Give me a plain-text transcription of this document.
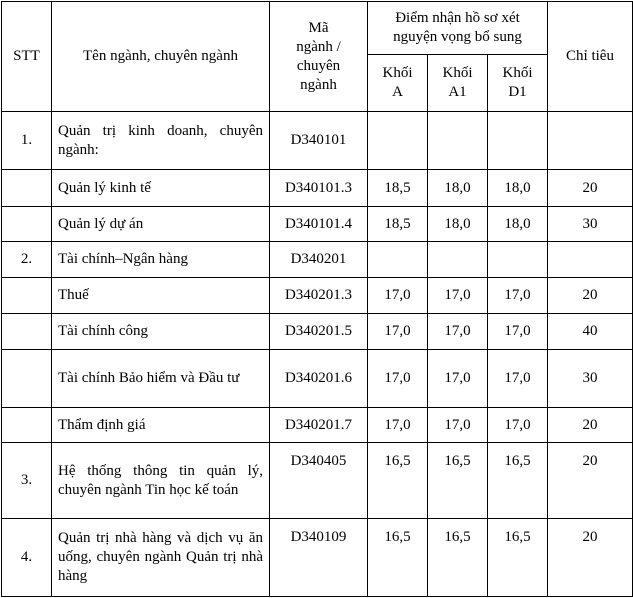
STT	Tên ngành, chuyên ngành	Mã ngành / chuyên ngành	Điểm nhận hồ sơ xét nguyện vọng bổ sung			Chỉ tiêu
			Khối A	Khối A1	Khối D1	
1.	Quản trị kinh doanh, chuyên ngành:	D340101				
	Quản lý kinh tế	D340101.3	18,5	18,0	18,0	20
	Quản lý dự án	D340101.4	18,5	18,0	18,0	30
2.	Tài chính–Ngân hàng	D340201				
	Thuế	D340201.3	17,0	17,0	17,0	20
	Tài chính công	D340201.5	17,0	17,0	17,0	40
	Tài chính Bảo hiểm và Đầu tư	D340201.6	17,0	17,0	17,0	30
	Thẩm định giá	D340201.7	17,0	17,0	17,0	20
3.	Hệ thống thông tin quản lý, chuyên ngành Tin học kế toán	D340405	16,5	16,5	16,5	20
4.	Quản trị nhà hàng và dịch vụ ăn uống, chuyên ngành Quản trị nhà hàng	D340109	16,5	16,5	16,5	20
